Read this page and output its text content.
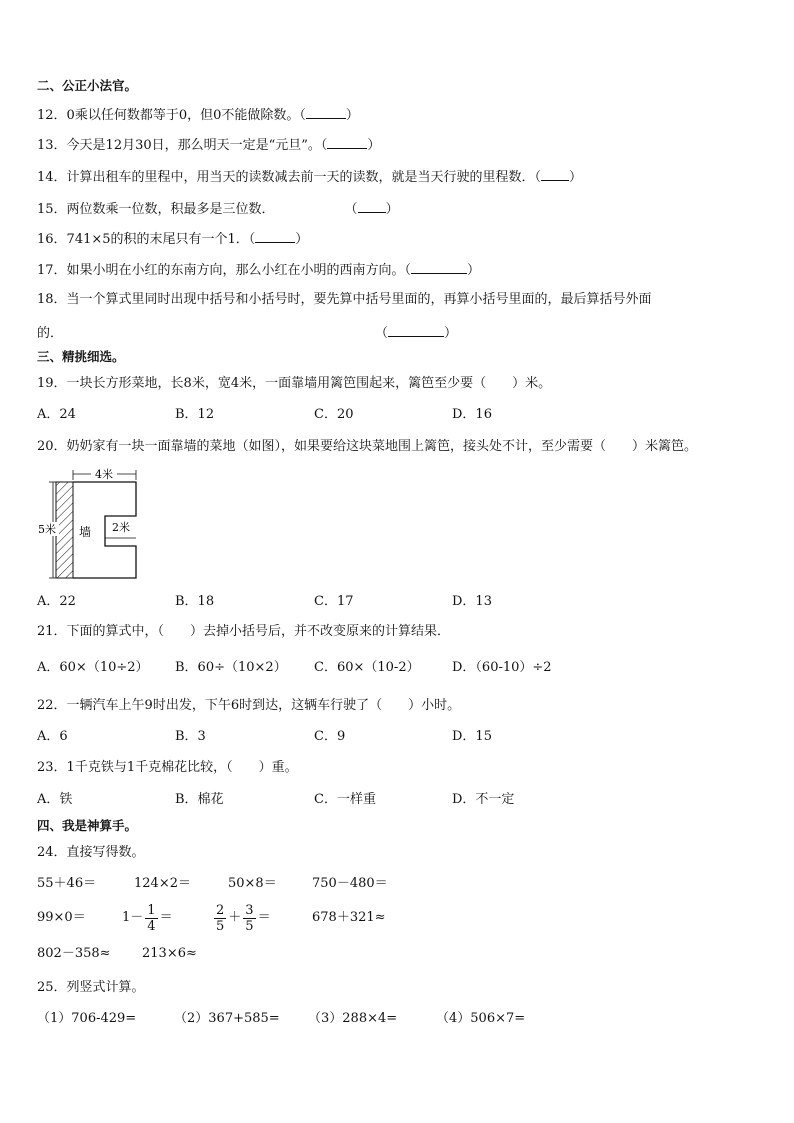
二、公正小法官。
12．0乘以任何数都等于0，但0不能做除数。（	）
13．今天是12月30日，那么明天一定是“元旦”。（	）
14．计算出租车的里程中，用当天的读数减去前一天的读数，就是当天行驶的里程数．（ ）
15．两位数乘一位数，积最多是三位数．	（ ）
16．741×5的积的末尾只有一个1．（	）
17．如果小明在小红的东南方向，那么小红在小明的西南方向。（	）
18．当一个算式里同时出现中括号和小括号时，要先算中括号里面的，再算小括号里面的，最后算括号外面
的．	（	）
三、精挑细选。
19．一块长方形菜地，长8米，宽4米，一面靠墙用篱笆围起来，篱笆至少要（　　）米。
A．24	B．12	C．20	D．16
20．奶奶家有一块一面靠墙的菜地（如图），如果要给这块菜地围上篱笆，接头处不计，至少需要（　　）米篱笆。
4米
5米 墙 2米
A．22	B．18	C．17	D．13
21．下面的算式中，（　　）去掉小括号后，并不改变原来的计算结果．
A．60×（10÷2） B．60÷（10×2） C．60×（10-2） D．（60-10）÷2
22．一辆汽车上午9时出发，下午6时到达，这辆车行驶了（　　）小时。
A．6	B．3	C．9	D．15
23．1千克铁与1千克棉花比较，（　　）重。
A．铁	B．棉花	C．一样重	D．不一定
四、我是神算手。
24．直接写得数。
55＋46＝	124×2＝	50×8＝	750－480＝
99×0＝	$1- \frac{1}{4}$ ＝	$\frac{2}{5} + \frac{3}{5}$ ＝	678＋321≈
802－358≈ 213×6≈
25．列竖式计算。
（1）706-429=	（2）367+585= （3）288×4=	（4）506×7=
